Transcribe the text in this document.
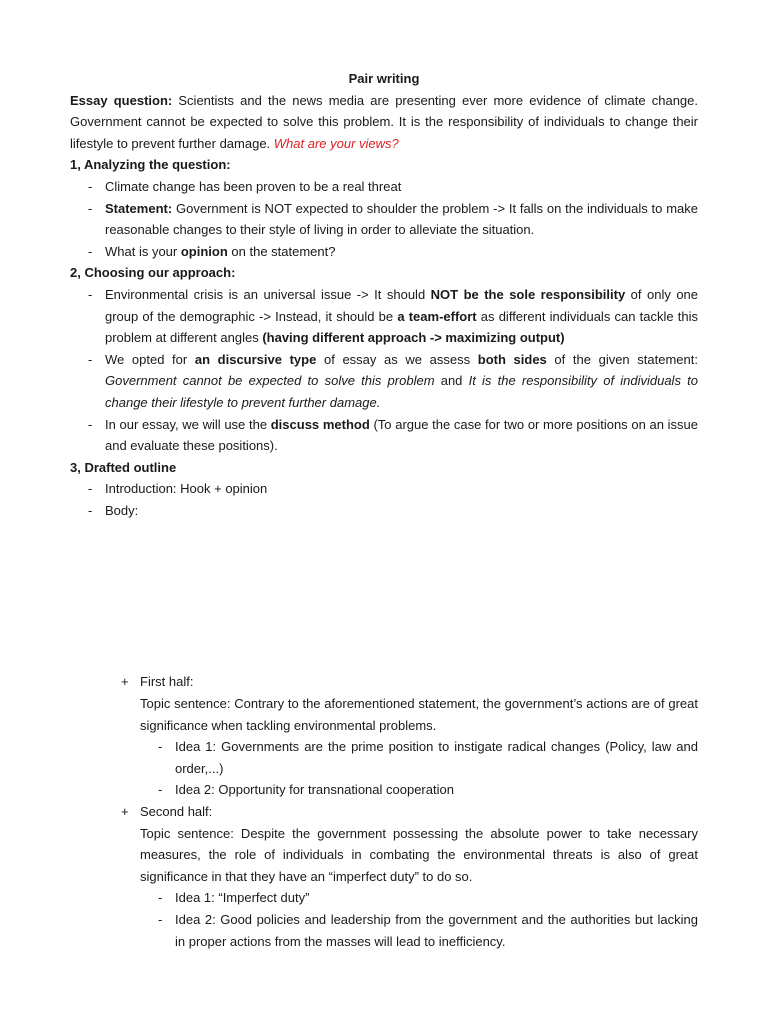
Pair writing
Essay question: Scientists and the news media are presenting ever more evidence of climate change. Government cannot be expected to solve this problem. It is the responsibility of individuals to change their lifestyle to prevent further damage. What are your views?
1, Analyzing the question:
- Climate change has been proven to be a real threat
- Statement: Government is NOT expected to shoulder the problem -> It falls on the individuals to make reasonable changes to their style of living in order to alleviate the situation.
- What is your opinion on the statement?
2, Choosing our approach:
- Environmental crisis is an universal issue -> It should NOT be the sole responsibility of only one group of the demographic -> Instead, it should be a team-effort as different individuals can tackle this problem at different angles (having different approach -> maximizing output)
- We opted for an discursive type of essay as we assess both sides of the given statement: Government cannot be expected to solve this problem and It is the responsibility of individuals to change their lifestyle to prevent further damage.
- In our essay, we will use the discuss method (To argue the case for two or more positions on an issue and evaluate these positions).
3, Drafted outline
- Introduction: Hook + opinion
- Body:
+ First half:
Topic sentence: Contrary to the aforementioned statement, the government’s actions are of great significance when tackling environmental problems.
- Idea 1: Governments are the prime position to instigate radical changes (Policy, law and order,...)
- Idea 2: Opportunity for transnational cooperation
+ Second half:
Topic sentence: Despite the government possessing the absolute power to take necessary measures, the role of individuals in combating the environmental threats is also of great significance in that they have an “imperfect duty” to do so.
- Idea 1: “Imperfect duty”
- Idea 2: Good policies and leadership from the government and the authorities but lacking in proper actions from the masses will lead to inefficiency.
